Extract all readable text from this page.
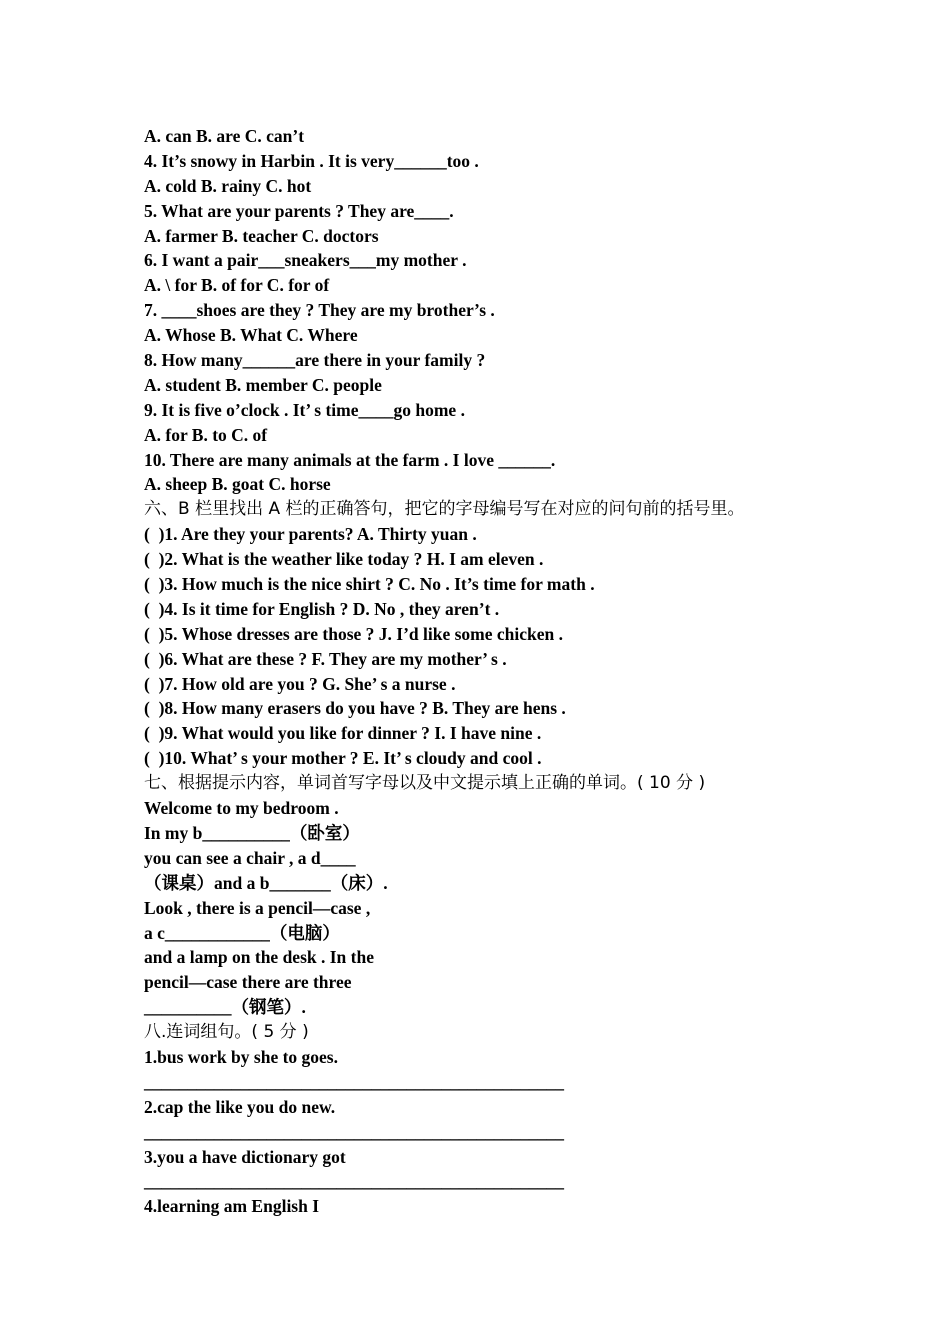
A. can B. are C. can’t
4. It’s snowy in Harbin . It is very______too .
A. cold B. rainy C. hot
5. What are your parents ? They are____.
A. farmer B. teacher C. doctors
6. I want a pair___sneakers___my mother .
A. \ for B. of for C. for of
7. ____shoes are they ? They are my brother’s .
A. Whose B. What C. Where
8. How many______are there in your family ?
A. student B. member C. people
9. It is five o’clock . It’ s time____go home .
A. for B. to C. of
10. There are many animals at the farm . I love ______.
A. sheep B. goat C. horse
六、B 栏里找出 A 栏的正确答句，把它的字母编号写在对应的问句前的括号里。
(  )1. Are they your parents? A. Thirty yuan .
(  )2. What is the weather like today ? H. I am eleven .
(  )3. How much is the nice shirt ? C. No . It’s time for math .
(  )4. Is it time for English ? D. No , they aren’t .
(  )5. Whose dresses are those ? J. I’d like some chicken .
(  )6. What are these ? F. They are my mother’ s .
(  )7. How old are you ? G. She’ s a nurse .
(  )8. How many erasers do you have ? B. They are hens .
(  )9. What would you like for dinner ? I. I have nine .
(  )10. What’ s your mother ? E. It’ s cloudy and cool .
七、根据提示内容，单词首写字母以及中文提示填上正确的单词。( 10 分 )
Welcome to my bedroom .
In my b__________（卧室）
you can see a chair , a d____
（课桌）and a b_______（床）.
Look , there is a pencil—case ,
a c____________（电脑）
and a lamp on the desk . In the
pencil—case there are three
__________（钢笔）.
八.连词组句。( 5 分 )
1.bus work by she to goes.
________________________________________________
2.cap the like you do new.
________________________________________________
3.you a have dictionary got
________________________________________________
4.learning am English I
